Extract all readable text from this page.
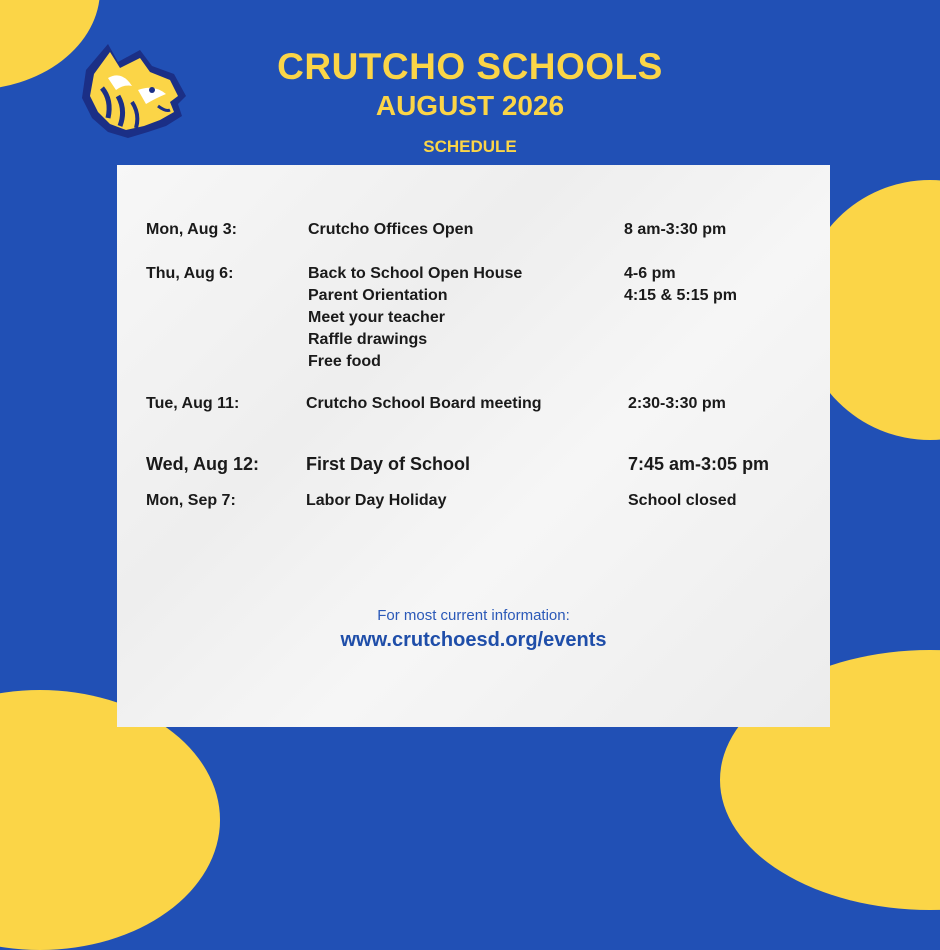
CRUTCHO SCHOOLS
AUGUST 2026
SCHEDULE
Mon, Aug 3:	Crutcho Offices Open	8 am-3:30 pm
Thu, Aug 6:	Back to School Open House	4-6 pm
Parent Orientation	4:15 & 5:15 pm
Meet your teacher
Raffle drawings
Free food
Tue, Aug 11:	Crutcho School Board meeting	2:30-3:30 pm
Wed, Aug 12:	First Day of School	7:45 am-3:05 pm
Mon, Sep 7:	Labor Day Holiday	School closed
For most current information:
www.crutchoesd.org/events
